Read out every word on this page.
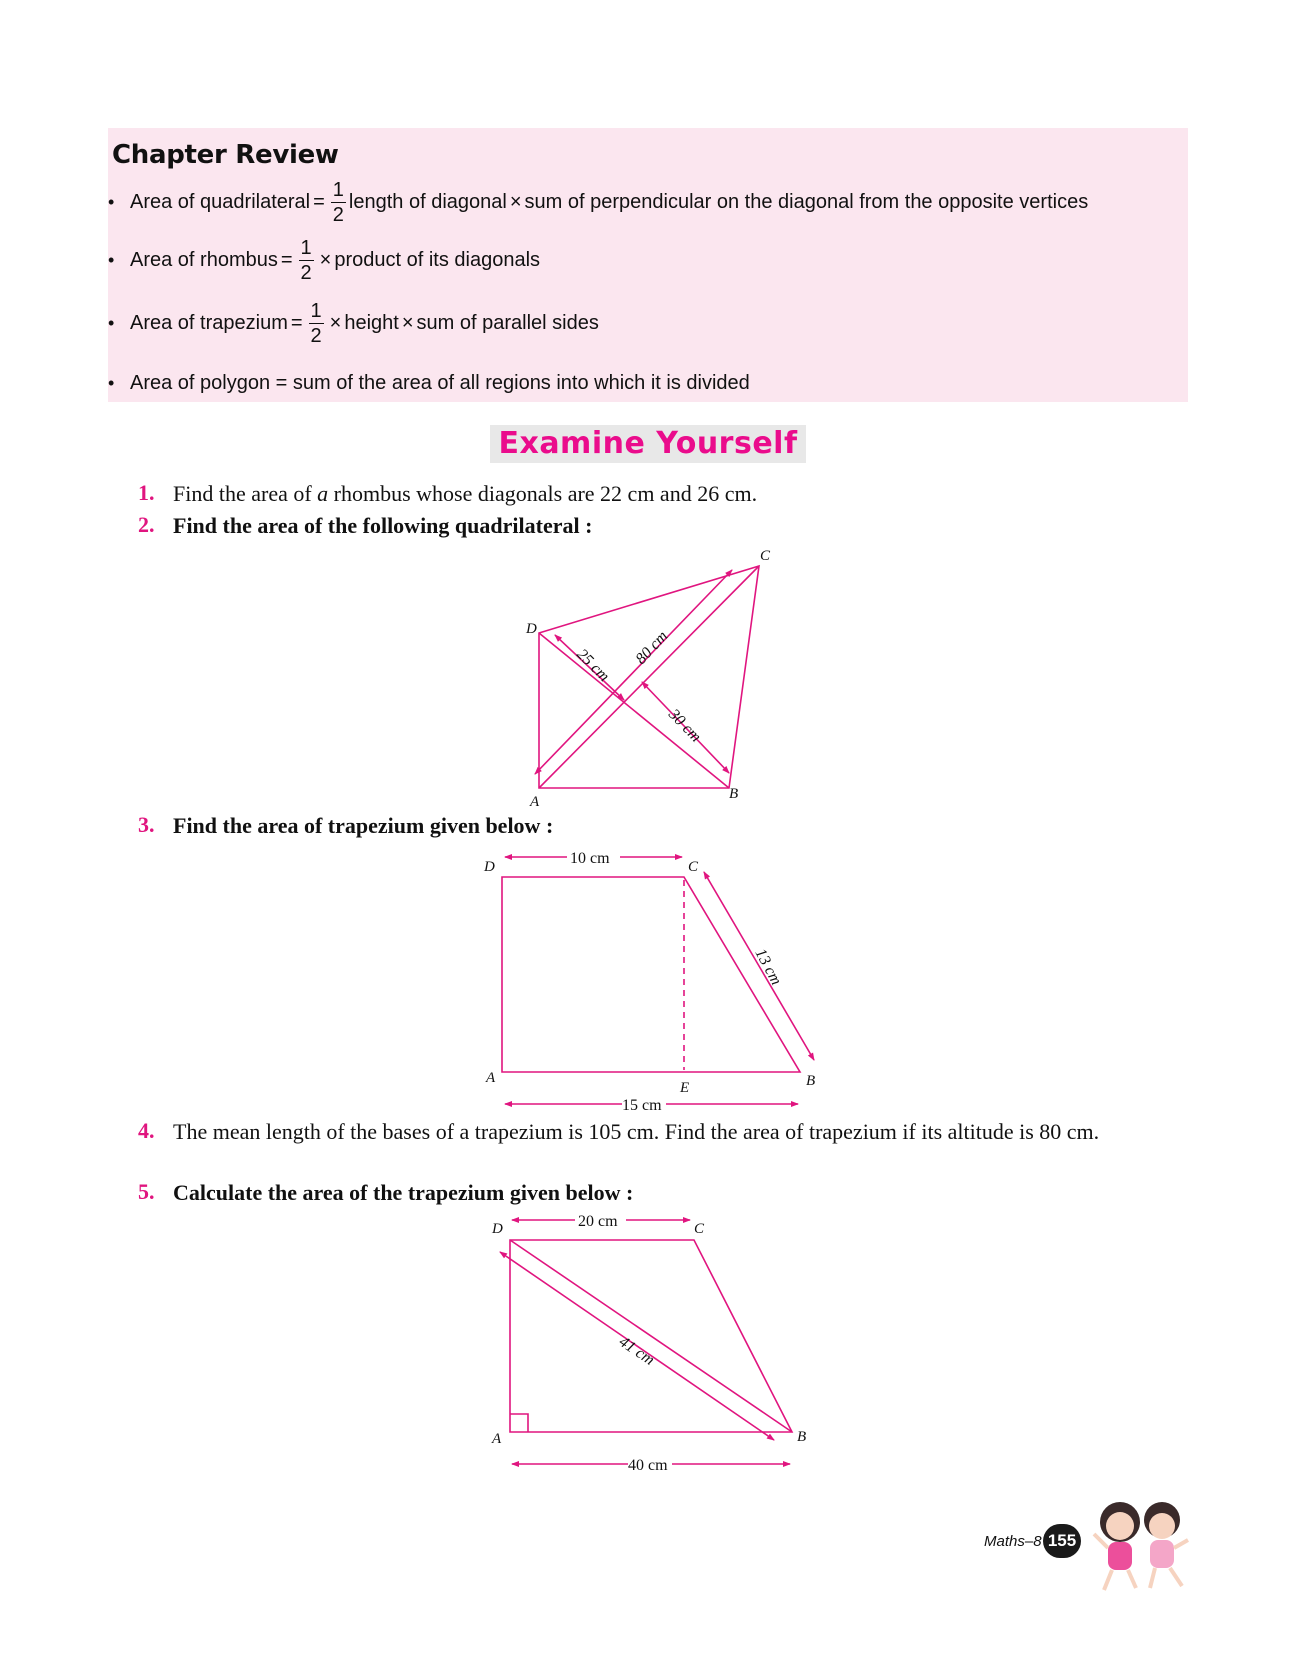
Chapter Review
• Area of quadrilateral = $\frac{1}{2}$ length of diagonal × sum of perpendicular on the diagonal from the opposite vertices
• Area of rhombus = $\frac{1}{2}$ × product of its diagonals
• Area of trapezium = $\frac{1}{2}$ × height × sum of parallel sides
• Area of polygon = sum of the area of all regions into which it is divided
Examine Yourself
1. Find the area of a rhombus whose diagonals are 22 cm and 26 cm.
2. Find the area of the following quadrilateral :
3. Find the area of trapezium given below :
4. The mean length of the bases of a trapezium is 105 cm. Find the area of trapezium if its altitude is 80 cm.
5. Calculate the area of the trapezium given below :
D
C
A	B
80 cm
25 cm
30 cm
D	C
A
E	B
10 cm
15 cm
13 cm
D	C
A	B
20 cm
40 cm
41 cm
Maths–8 155
